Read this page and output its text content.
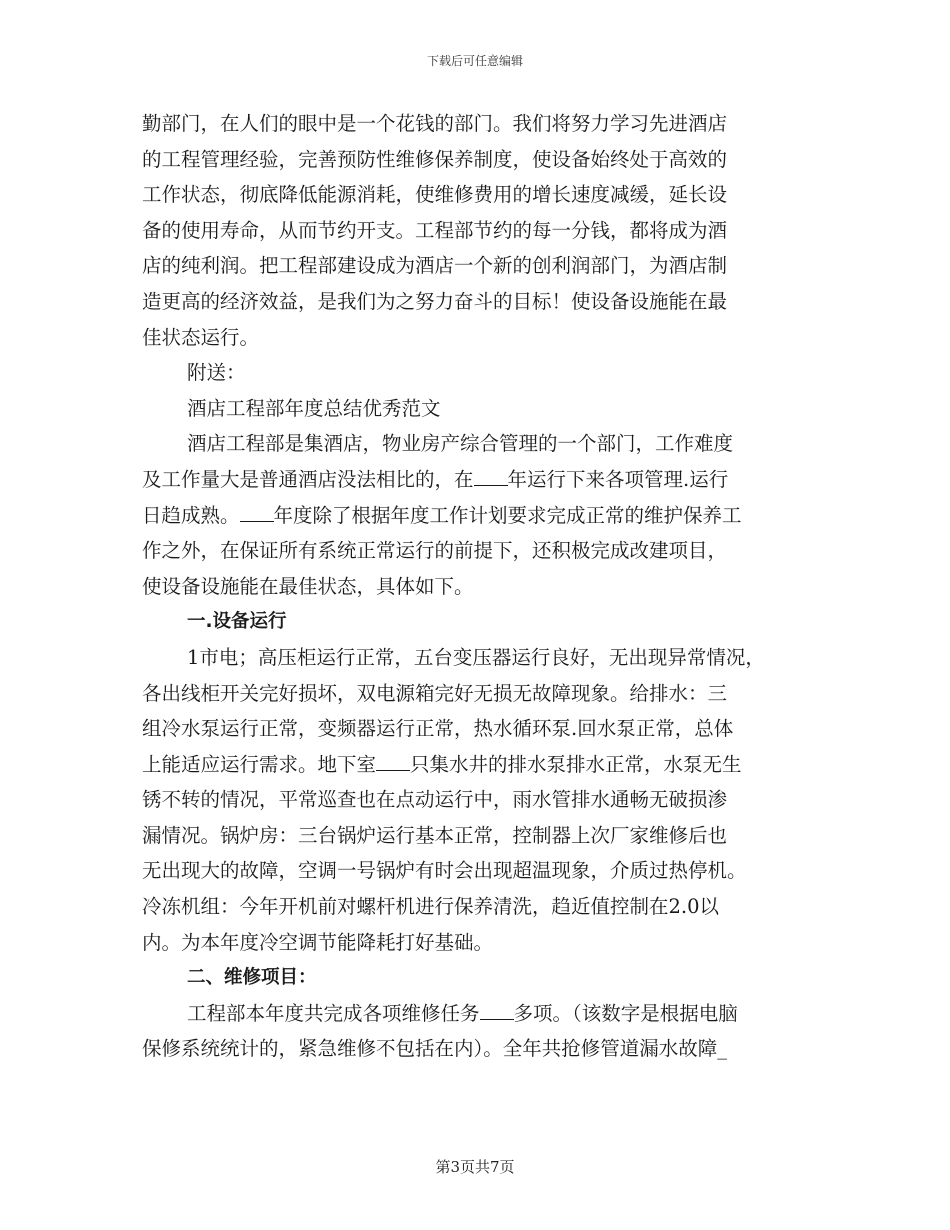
下载后可任意编辑

勤部门，在人们的眼中是一个花钱的部门。我们将努力学习先进酒店

的工程管理经验，完善预防性维修保养制度，使设备始终处于高效的

工作状态，彻底降低能源消耗，使维修费用的增长速度减缓，延长设

备的使用寿命，从而节约开支。工程部节约的每一分钱，都将成为酒

店的纯利润。把工程部建设成为酒店一个新的创利润部门，为酒店制

造更高的经济效益，是我们为之努力奋斗的目标！使设备设施能在最

佳状态运行。

附送：

酒店工程部年度总结优秀范文

酒店工程部是集酒店，物业房产综合管理的一个部门，工作难度

及工作量大是普通酒店没法相比的，在 年运行下来各项管理.运行

日趋成熟。 年度除了根据年度工作计划要求完成正常的维护保养工

作之外，在保证所有系统正常运行的前提下，还积极完成改建项目，

使设备设施能在最佳状态，具体如下。

一.设备运行

1市电；高压柜运行正常，五台变压器运行良好，无出现异常情况，

各出线柜开关完好损坏，双电源箱完好无损无故障现象。给排水：三

组冷水泵运行正常，变频器运行正常，热水循环泵.回水泵正常，总体

上能适应运行需求。地下室 只集水井的排水泵排水正常，水泵无生

锈不转的情况，平常巡查也在点动运行中，雨水管排水通畅无破损渗

漏情况。锅炉房：三台锅炉运行基本正常，控制器上次厂家维修后也

无出现大的故障，空调一号锅炉有时会出现超温现象，介质过热停机。

冷冻机组：今年开机前对螺杆机进行保养清洗，趋近值控制在2.0以

内。为本年度冷空调节能降耗打好基础。

二、维修项目：

工程部本年度共完成各项维修任务 多项。（该数字是根据电脑

保修系统统计的，紧急维修不包括在内）。全年共抢修管道漏水故障_

第3页共7页
